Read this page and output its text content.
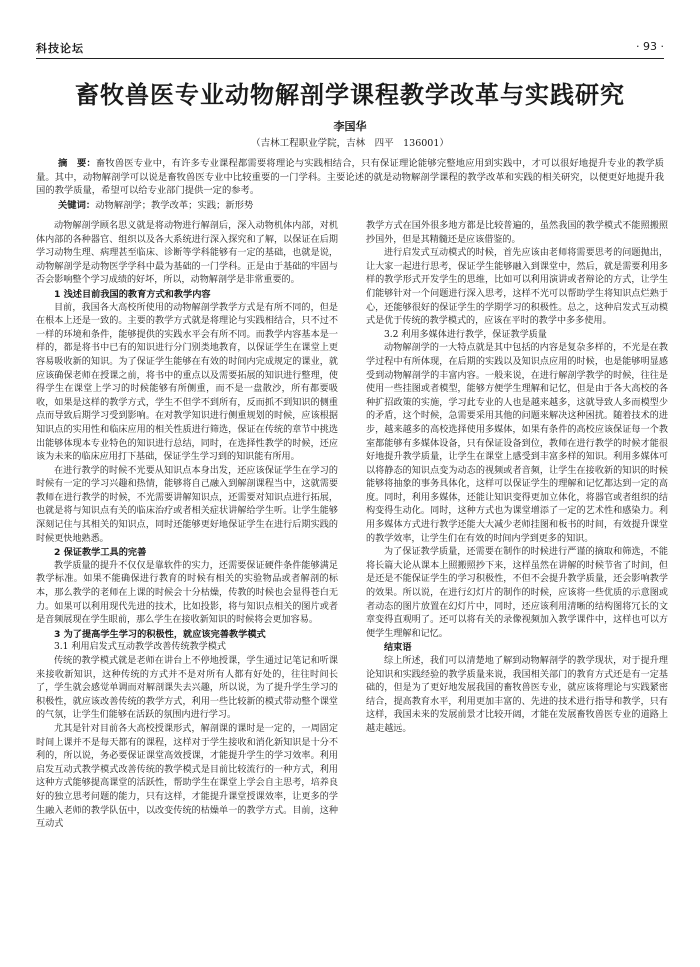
科技论坛	· 93 ·
畜牧兽医专业动物解剖学课程教学改革与实践研究
李国华
（吉林工程职业学院，吉林　四平　136001）
摘　要：畜牧兽医专业中，有许多专业课程都需要将理论与实践相结合，只有保证理论能够完整地应用到实践中，才可以很好地提升专业的教学质量。其中，动物解剖学可以说是畜牧兽医专业中比较重要的一门学科。主要论述的就是动物解剖学课程的教学改革和实践的相关研究，以便更好地提升我国的教学质量，希望可以给专业部门提供一定的参考。
关键词：动物解剖学；教学改革；实践；新形势

动物解剖学顾名思义就是将动物进行解剖后，深入动物机体内部，对机体内部的各种器官、组织以及各大系统进行深入探究和了解，以保证在后期学习动物生理、病理甚至临床、诊断等学科能够有一定的基础，也就是说，动物解剖学是动物医学学科中最为基础的一门学科。正是由于基础的牢固与否会影响整个学习成绩的好坏，所以，动物解剖学是非常重要的。

1 浅述目前我国的教育方式和教学内容

目前，我国各大高校所使用的动物解剖学教学方式是有所不同的，但是在根本上还是一致的。主要的教学方式就是将理论与实践相结合，只不过不一样的环境和条件，能够提供的实践水平会有所不同。而教学内容基本是一样的，都是将书中已有的知识进行分门别类地教育，以保证学生在课堂上更容易吸收新的知识。为了保证学生能够在有效的时间内完成规定的课业，就应该确保老师在授课之前，将书中的重点以及需要拓展的知识进行整理，使得学生在课堂上学习的时候能够有所侧重，而不是一盘散沙，所有都要吸收，如果是这样的教学方式，学生不但学不到所有，反而抓不到知识的侧重点而导致后期学习受到影响。在对教学知识进行侧重规划的时候，应该根据知识点的实用性和临床应用的相关性质进行筛选，保证在传统的章节中挑选出能够体现本专业特色的知识进行总结，同时，在选择性教学的时候，还应该为未来的临床应用打下基础，保证学生学习到的知识能有所用。

在进行教学的时候不光要从知识点本身出发，还应该保证学生在学习的时候有一定的学习兴趣和热情，能够将自己融入到解剖课程当中，这就需要教师在进行教学的时候，不光需要讲解知识点，还需要对知识点进行拓展，也就是将与知识点有关的临床治疗或者相关症状讲解给学生听。让学生能够深刻记住与其相关的知识点，同时还能够更好地保证学生在进行后期实践的时候更快地熟悉。

2 保证教学工具的完善

教学质量的提升不仅仅是靠软件的实力，还需要保证硬件条件能够满足教学标准。如果不能确保进行教育的时候有相关的实验物品或者解剖的标本，那么教学的老师在上课的时候会十分枯燥，传教的时候也会显得苍白无力。如果可以利用现代先进的技术，比如投影，将与知识点相关的图片或者是音频展现在学生眼前，那么学生在接收新知识的时候将会更加容易。

3 为了提高学生学习的积极性，就应该完善教学模式
3.1 利用启发式互动教学改善传统教学模式

传统的教学模式就是老师在讲台上不停地授课，学生通过记笔记和听课来接收新知识，这种传统的方式并不是对所有人都有好处的，往往时间长了，学生就会感觉单调而对解剖课失去兴趣，所以说，为了提升学生学习的积极性，就应该改善传统的教学方式，利用一些比较新的模式带动整个课堂的气氛，让学生们能够在活跃的氛围内进行学习。

尤其是针对目前各大高校授课形式，解剖课的课时是一定的，一周固定时间上课并不是每天都有的课程，这样对于学生接收和消化新知识是十分不利的，所以说，务必要保证课堂高效授课，才能提升学生的学习效率。利用启发互动式教学模式改善传统的教学模式是目前比较流行的一种方式，利用这种方式能够提高课堂的活跃性，帮助学生在课堂上学会自主思考，培养良好的独立思考问题的能力，只有这样，才能提升课堂授课效率，让更多的学生融入老师的教学队伍中，以改变传统的枯燥单一的教学方式。目前，这种互动式

教学方式在国外很多地方都是比较普遍的，虽然我国的教学模式不能照搬照抄国外，但是其精髓还是应该借鉴的。

进行启发式互动模式的时候，首先应该由老师将需要思考的问题抛出，让大家一起进行思考，保证学生能够融入到课堂中，然后，就是需要利用多样的教学形式开发学生的思维，比如可以利用演讲或者辩论的方式，让学生们能够针对一个问题进行深入思考，这样不光可以帮助学生将知识点烂熟于心，还能够很好的保证学生的学期学习的积极性。总之，这种启发式互动模式是优于传统的教学模式的，应该在平时的教学中多多使用。

3.2 利用多媒体进行教学，保证教学质量

动物解剖学的一大特点就是其中包括的内容是复杂多样的，不光是在教学过程中有所体现，在后期的实践以及知识点应用的时候，也是能够明显感受到动物解剖学的丰富内容。一般来说，在进行解剖学教学的时候，往往是使用一些挂图或者模型，能够方便学生理解和记忆，但是由于各大高校的各种扩招政策的实施，学习此专业的人也是越来越多，这就导致人多而模型少的矛盾，这个时候，急需要采用其他的问题来解决这种困扰。随着技术的进步，越来越多的高校选择使用多媒体，如果有条件的高校应该保证每一个教室都能够有多媒体设备，只有保证设备到位，教师在进行教学的时候才能很好地提升教学质量，让学生在课堂上感受到丰富多样的知识。利用多媒体可以将静态的知识点变为动态的视频或者音频，让学生在接收新的知识的时候能够将抽象的事务具体化，这样可以保证学生的理解和记忆都达到一定的高度。同时，利用多媒体，还能让知识变得更加立体化，将器官或者组织的结构变得生动化。同时，这种方式也为课堂增添了一定的艺术性和感染力。利用多媒体方式进行教学还能大大减少老师挂图和板书的时间，有效提升课堂的教学效率，让学生们在有效的时间内学到更多的知识。

为了保证教学质量，还需要在制作的时候进行严谨的摘取和筛选，不能将长篇大论从课本上照搬照抄下来，这样虽然在讲解的时候节省了时间，但是还是不能保证学生的学习积极性，不但不会提升教学质量，还会影响教学的效果。所以说，在进行幻灯片的制作的时候，应该将一些优质的示意图或者动态的图片放置在幻灯片中，同时，还应该利用清晰的结构图将冗长的文章变得直观明了。还可以将有关的录像视频加入教学课件中，这样也可以方便学生理解和记忆。

结束语

综上所述，我们可以清楚地了解到动物解剖学的教学现状，对于提升理论知识和实践经验的教学质量来说，我国相关部门的教育方式还是有一定基础的，但是为了更好地发展我国的畜牧兽医专业，就应该将理论与实践紧密结合，提高教育水平，利用更加丰富的、先进的技术进行指导和教学，只有这样，我国未来的发展前景才比较开阔，才能在发展畜牧兽医专业的道路上越走越远。
